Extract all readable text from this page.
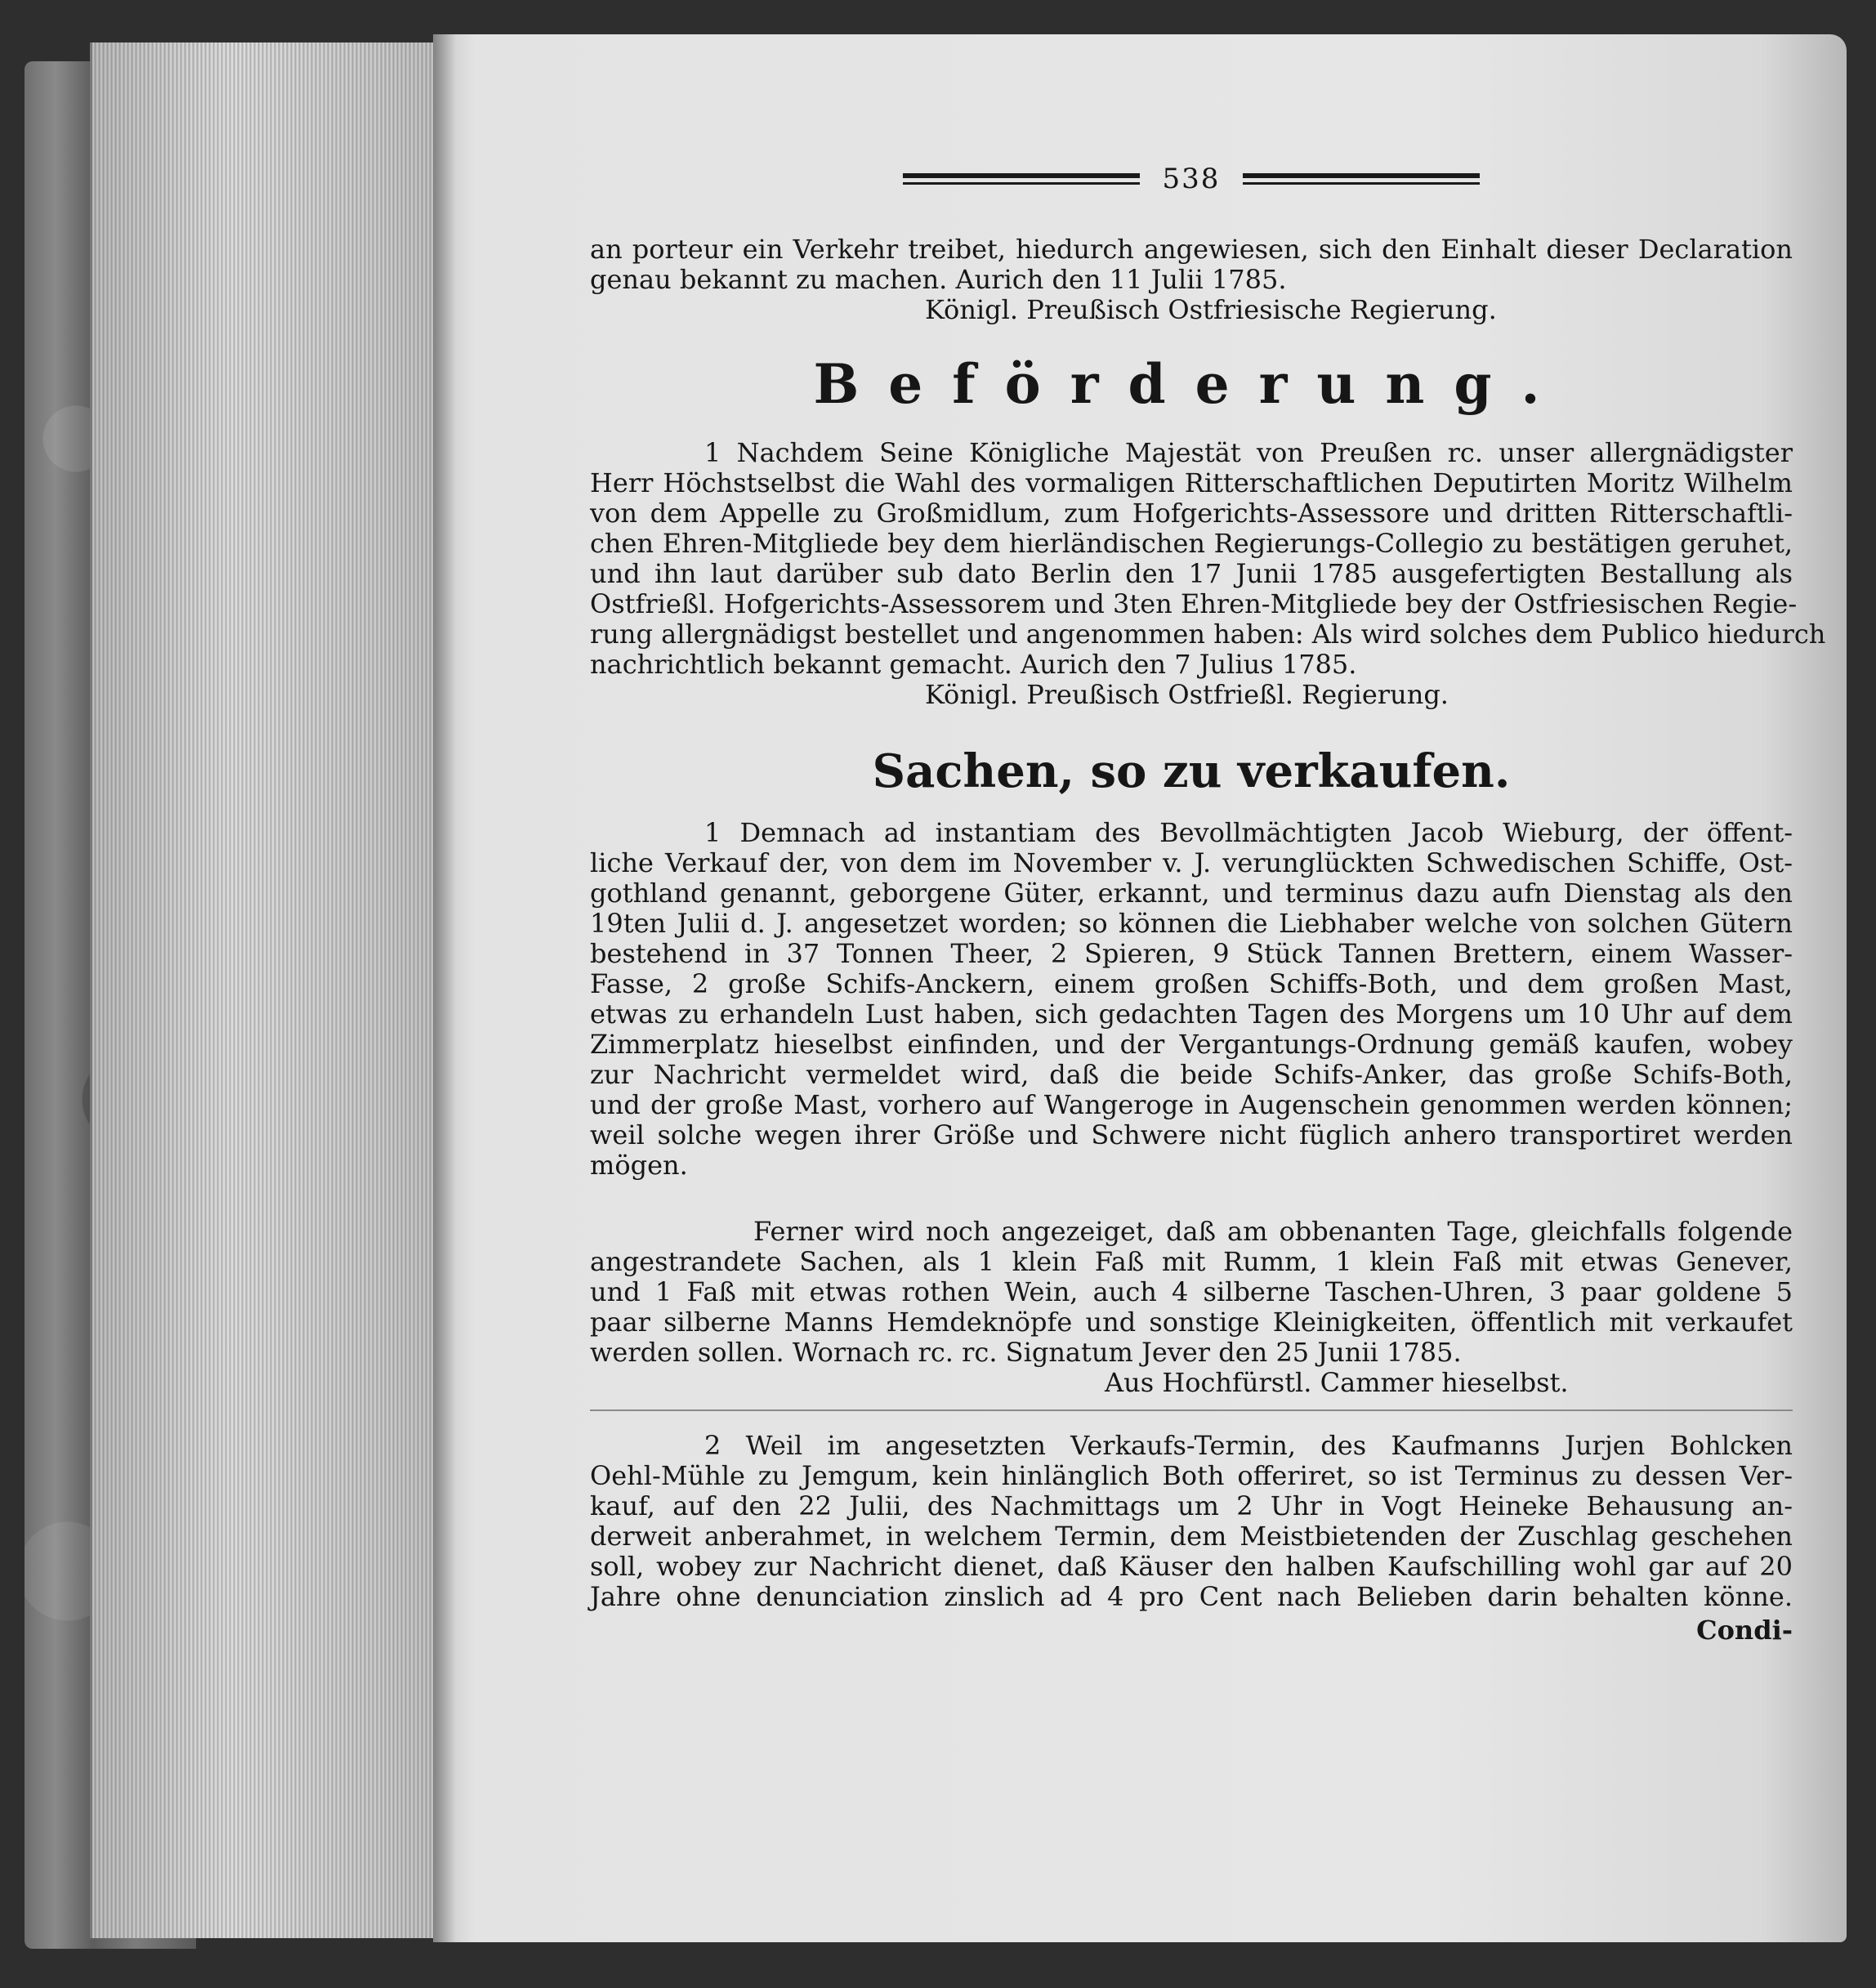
538
an porteur ein Verkehr treibet, hiedurch angewiesen, sich den Einhalt dieser Declaration
genau bekannt zu machen. Aurich den 11 Julii 1785.
Königl. Preußisch Ostfriesische Regierung.
Beförderung.
1 Nachdem Seine Königliche Majestät von Preußen rc. unser allergnädigster
Herr Höchstselbst die Wahl des vormaligen Ritterschaftlichen Deputirten Moritz Wilhelm
von dem Appelle zu Großmidlum, zum Hofgerichts-Assessore und dritten Ritterschaftli-
chen Ehren-Mitgliede bey dem hierländischen Regierungs-Collegio zu bestätigen geruhet,
und ihn laut darüber sub dato Berlin den 17 Junii 1785 ausgefertigten Bestallung als
Ostfrießl. Hofgerichts-Assessorem und 3ten Ehren-Mitgliede bey der Ostfriesischen Regie-
rung allergnädigst bestellet und angenommen haben: Als wird solches dem Publico hiedurch
nachrichtlich bekannt gemacht. Aurich den 7 Julius 1785.
Königl. Preußisch Ostfrießl. Regierung.
Sachen, so zu verkaufen.
1 Demnach ad instantiam des Bevollmächtigten Jacob Wieburg, der öffent-
liche Verkauf der, von dem im November v. J. verunglückten Schwedischen Schiffe, Ost-
gothland genannt, geborgene Güter, erkannt, und terminus dazu aufn Dienstag als den
19ten Julii d. J. angesetzet worden; so können die Liebhaber welche von solchen Gütern
bestehend in 37 Tonnen Theer, 2 Spieren, 9 Stück Tannen Brettern, einem Wasser-
Fasse, 2 große Schifs-Anckern, einem großen Schiffs-Both, und dem großen Mast,
etwas zu erhandeln Lust haben, sich gedachten Tagen des Morgens um 10 Uhr auf dem
Zimmerplatz hieselbst einfinden, und der Vergantungs-Ordnung gemäß kaufen, wobey
zur Nachricht vermeldet wird, daß die beide Schifs-Anker, das große Schifs-Both,
und der große Mast, vorhero auf Wangeroge in Augenschein genommen werden können;
weil solche wegen ihrer Größe und Schwere nicht füglich anhero transportiret werden
mögen.
Ferner wird noch angezeiget, daß am obbenanten Tage, gleichfalls folgende
angestrandete Sachen, als 1 klein Faß mit Rumm, 1 klein Faß mit etwas Genever,
und 1 Faß mit etwas rothen Wein, auch 4 silberne Taschen-Uhren, 3 paar goldene 5
paar silberne Manns Hemdeknöpfe und sonstige Kleinigkeiten, öffentlich mit verkaufet
werden sollen. Wornach rc. rc. Signatum Jever den 25 Junii 1785.
Aus Hochfürstl. Cammer hieselbst.
2 Weil im angesetzten Verkaufs-Termin, des Kaufmanns Jurjen Bohlcken
Oehl-Mühle zu Jemgum, kein hinlänglich Both offeriret, so ist Terminus zu dessen Ver-
kauf, auf den 22 Julii, des Nachmittags um 2 Uhr in Vogt Heineke Behausung an-
derweit anberahmet, in welchem Termin, dem Meistbietenden der Zuschlag geschehen
soll, wobey zur Nachricht dienet, daß Käuser den halben Kaufschilling wohl gar auf 20
Jahre ohne denunciation zinslich ad 4 pro Cent nach Belieben darin behalten könne.
Condi-
